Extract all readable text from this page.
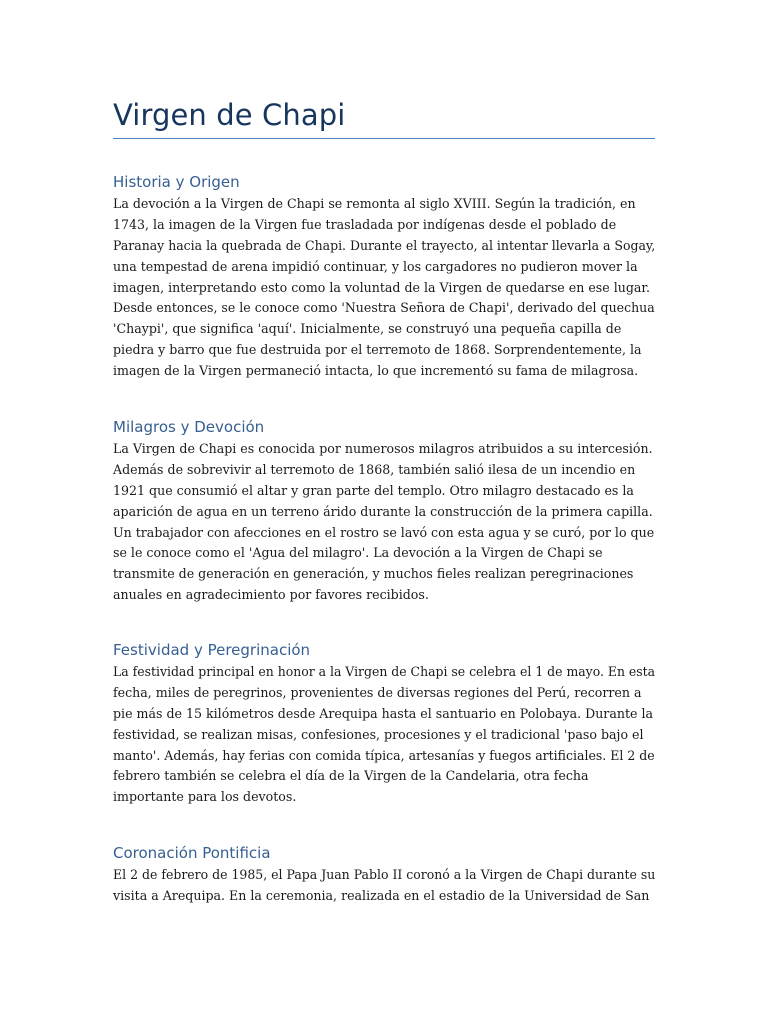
Virgen de Chapi
Historia y Origen

La devoción a la Virgen de Chapi se remonta al siglo XVIII. Según la tradición, en
1743, la imagen de la Virgen fue trasladada por indígenas desde el poblado de
Paranay hacia la quebrada de Chapi. Durante el trayecto, al intentar llevarla a Sogay,
una tempestad de arena impidió continuar, y los cargadores no pudieron mover la
imagen, interpretando esto como la voluntad de la Virgen de quedarse en ese lugar.
Desde entonces, se le conoce como 'Nuestra Señora de Chapi', derivado del quechua
'Chaypi', que significa 'aquí'. Inicialmente, se construyó una pequeña capilla de
piedra y barro que fue destruida por el terremoto de 1868. Sorprendentemente, la
imagen de la Virgen permaneció intacta, lo que incrementó su fama de milagrosa.

Milagros y Devoción

La Virgen de Chapi es conocida por numerosos milagros atribuidos a su intercesión.
Además de sobrevivir al terremoto de 1868, también salió ilesa de un incendio en
1921 que consumió el altar y gran parte del templo. Otro milagro destacado es la
aparición de agua en un terreno árido durante la construcción de la primera capilla.
Un trabajador con afecciones en el rostro se lavó con esta agua y se curó, por lo que
se le conoce como el 'Agua del milagro'. La devoción a la Virgen de Chapi se
transmite de generación en generación, y muchos fieles realizan peregrinaciones
anuales en agradecimiento por favores recibidos.

Festividad y Peregrinación

La festividad principal en honor a la Virgen de Chapi se celebra el 1 de mayo. En esta
fecha, miles de peregrinos, provenientes de diversas regiones del Perú, recorren a
pie más de 15 kilómetros desde Arequipa hasta el santuario en Polobaya. Durante la
festividad, se realizan misas, confesiones, procesiones y el tradicional 'paso bajo el
manto'. Además, hay ferias con comida típica, artesanías y fuegos artificiales. El 2 de
febrero también se celebra el día de la Virgen de la Candelaria, otra fecha
importante para los devotos.

Coronación Pontificia

El 2 de febrero de 1985, el Papa Juan Pablo II coronó a la Virgen de Chapi durante su
visita a Arequipa. En la ceremonia, realizada en el estadio de la Universidad de San
